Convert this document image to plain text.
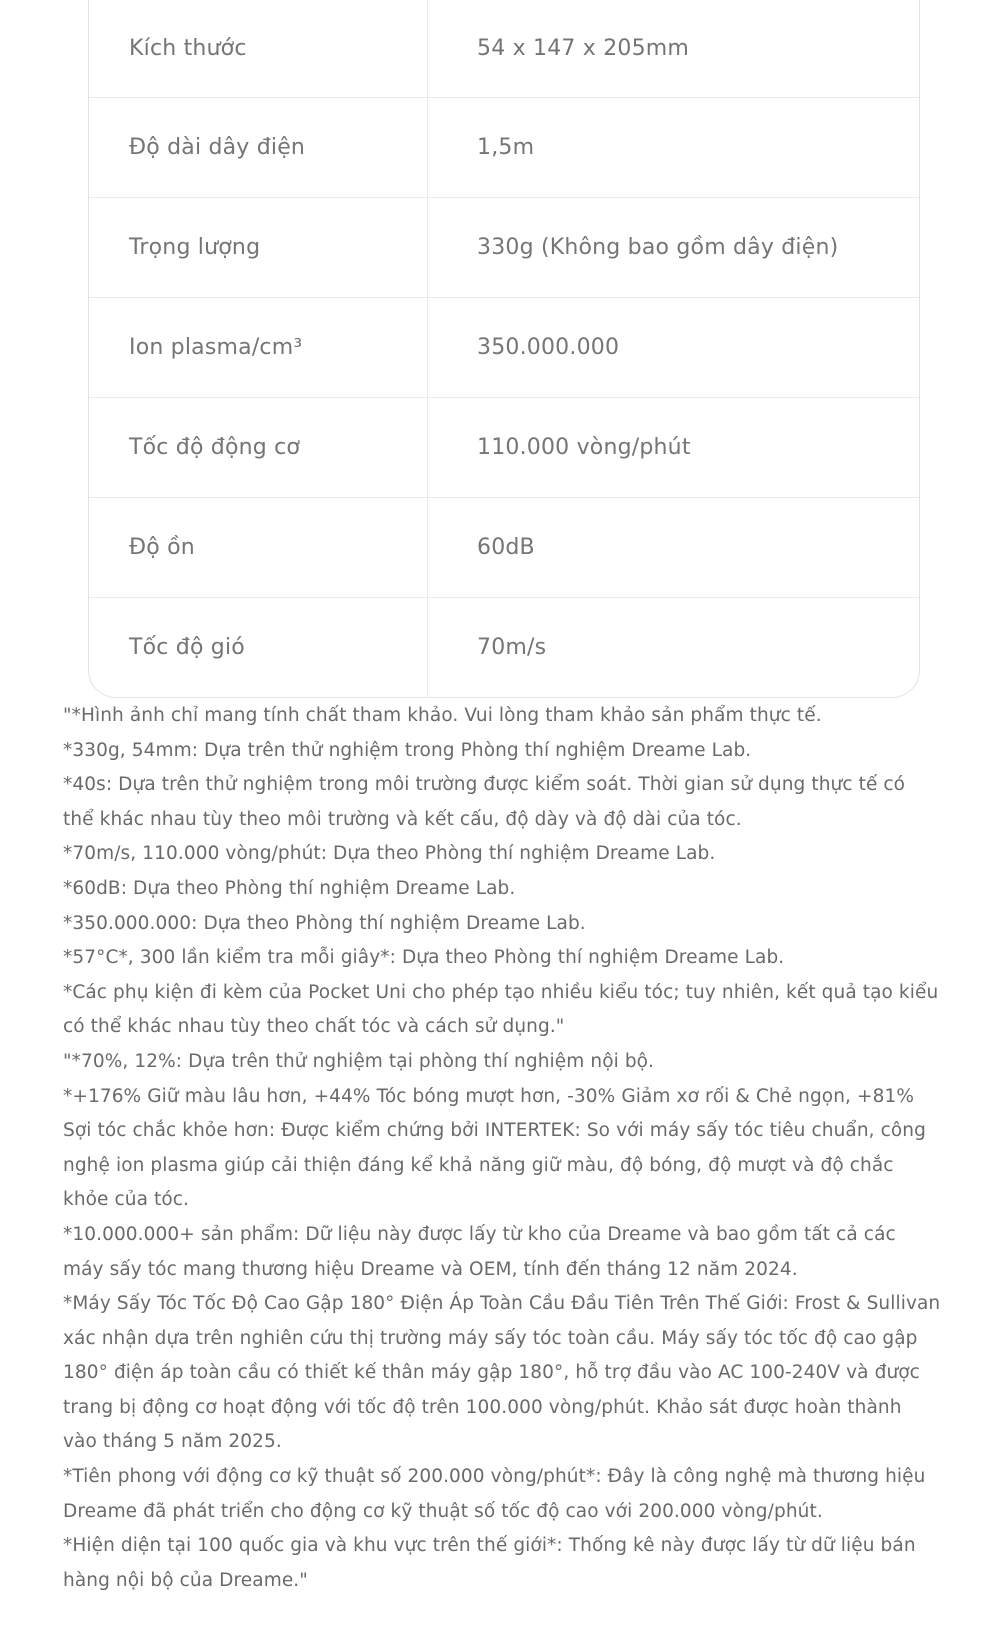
Kích thước	54 x 147 x 205mm
Độ dài dây điện	1,5m
Trọng lượng	330g (Không bao gồm dây điện)
Ion plasma/cm³	350.000.000
Tốc độ động cơ	110.000 vòng/phút
Độ ồn	60dB
Tốc độ gió	70m/s

"*Hình ảnh chỉ mang tính chất tham khảo. Vui lòng tham khảo sản phẩm thực tế.

*330g, 54mm: Dựa trên thử nghiệm trong Phòng thí nghiệm Dreame Lab.

*40s: Dựa trên thử nghiệm trong môi trường được kiểm soát. Thời gian sử dụng thực tế có thể khác nhau tùy theo môi trường và kết cấu, độ dày và độ dài của tóc.

*70m/s, 110.000 vòng/phút: Dựa theo Phòng thí nghiệm Dreame Lab.

*60dB: Dựa theo Phòng thí nghiệm Dreame Lab.

*350.000.000: Dựa theo Phòng thí nghiệm Dreame Lab.

*57°C*, 300 lần kiểm tra mỗi giây*: Dựa theo Phòng thí nghiệm Dreame Lab.

*Các phụ kiện đi kèm của Pocket Uni cho phép tạo nhiều kiểu tóc; tuy nhiên, kết quả tạo kiểu có thể khác nhau tùy theo chất tóc và cách sử dụng."

"*70%, 12%: Dựa trên thử nghiệm tại phòng thí nghiệm nội bộ.

*+176% Giữ màu lâu hơn, +44% Tóc bóng mượt hơn, -30% Giảm xơ rối & Chẻ ngọn, +81% Sợi tóc chắc khỏe hơn: Được kiểm chứng bởi INTERTEK: So với máy sấy tóc tiêu chuẩn, công nghệ ion plasma giúp cải thiện đáng kể khả năng giữ màu, độ bóng, độ mượt và độ chắc khỏe của tóc.

*10.000.000+ sản phẩm: Dữ liệu này được lấy từ kho của Dreame và bao gồm tất cả các máy sấy tóc mang thương hiệu Dreame và OEM, tính đến tháng 12 năm 2024.

*Máy Sấy Tóc Tốc Độ Cao Gập 180° Điện Áp Toàn Cầu Đầu Tiên Trên Thế Giới: Frost & Sullivan xác nhận dựa trên nghiên cứu thị trường máy sấy tóc toàn cầu. Máy sấy tóc tốc độ cao gập 180° điện áp toàn cầu có thiết kế thân máy gập 180°, hỗ trợ đầu vào AC 100-240V và được trang bị động cơ hoạt động với tốc độ trên 100.000 vòng/phút. Khảo sát được hoàn thành vào tháng 5 năm 2025.

*Tiên phong với động cơ kỹ thuật số 200.000 vòng/phút*: Đây là công nghệ mà thương hiệu Dreame đã phát triển cho động cơ kỹ thuật số tốc độ cao với 200.000 vòng/phút.

*Hiện diện tại 100 quốc gia và khu vực trên thế giới*: Thống kê này được lấy từ dữ liệu bán hàng nội bộ của Dreame."
